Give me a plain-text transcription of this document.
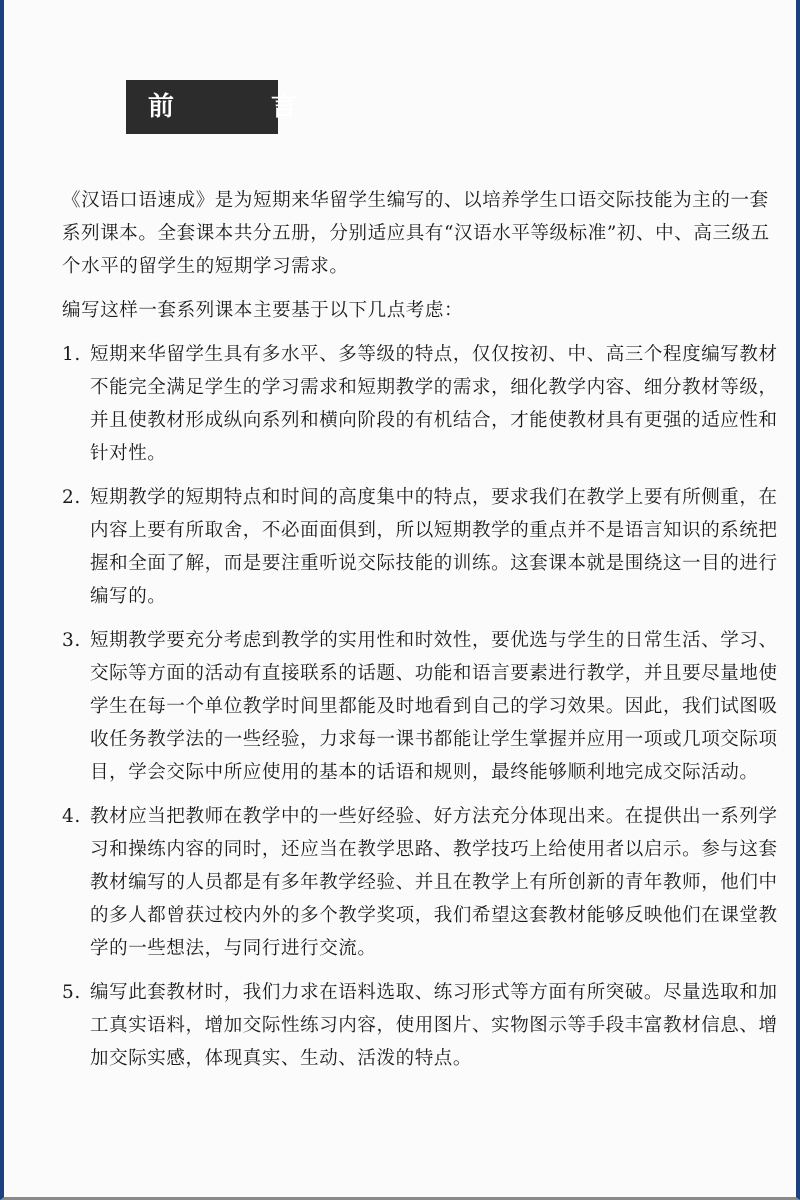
前 言

《汉语口语速成》是为短期来华留学生编写的、以培养学生口语交际技能为主的一套系列课本。全套课本共分五册，分别适应具有“汉语水平等级标准”初、中、高三级五个水平的留学生的短期学习需求。

编写这样一套系列课本主要基于以下几点考虑：

1. 短期来华留学生具有多水平、多等级的特点，仅仅按初、中、高三个程度编写教材不能完全满足学生的学习需求和短期教学的需求，细化教学内容、细分教材等级，并且使教材形成纵向系列和横向阶段的有机结合，才能使教材具有更强的适应性和针对性。
2. 短期教学的短期特点和时间的高度集中的特点，要求我们在教学上要有所侧重，在内容上要有所取舍，不必面面俱到，所以短期教学的重点并不是语言知识的系统把握和全面了解，而是要注重听说交际技能的训练。这套课本就是围绕这一目的进行编写的。
3. 短期教学要充分考虑到教学的实用性和时效性，要优选与学生的日常生活、学习、交际等方面的活动有直接联系的话题、功能和语言要素进行教学，并且要尽量地使学生在每一个单位教学时间里都能及时地看到自己的学习效果。因此，我们试图吸收任务教学法的一些经验，力求每一课书都能让学生掌握并应用一项或几项交际项目，学会交际中所应使用的基本的话语和规则，最终能够顺利地完成交际活动。
4. 教材应当把教师在教学中的一些好经验、好方法充分体现出来。在提供出一系列学习和操练内容的同时，还应当在教学思路、教学技巧上给使用者以启示。参与这套教材编写的人员都是有多年教学经验、并且在教学上有所创新的青年教师，他们中的多人都曾获过校内外的多个教学奖项，我们希望这套教材能够反映他们在课堂教学的一些想法，与同行进行交流。
5. 编写此套教材时，我们力求在语料选取、练习形式等方面有所突破。尽量选取和加工真实语料，增加交际性练习内容，使用图片、实物图示等手段丰富教材信息、增加交际实感，体现真实、生动、活泼的特点。
